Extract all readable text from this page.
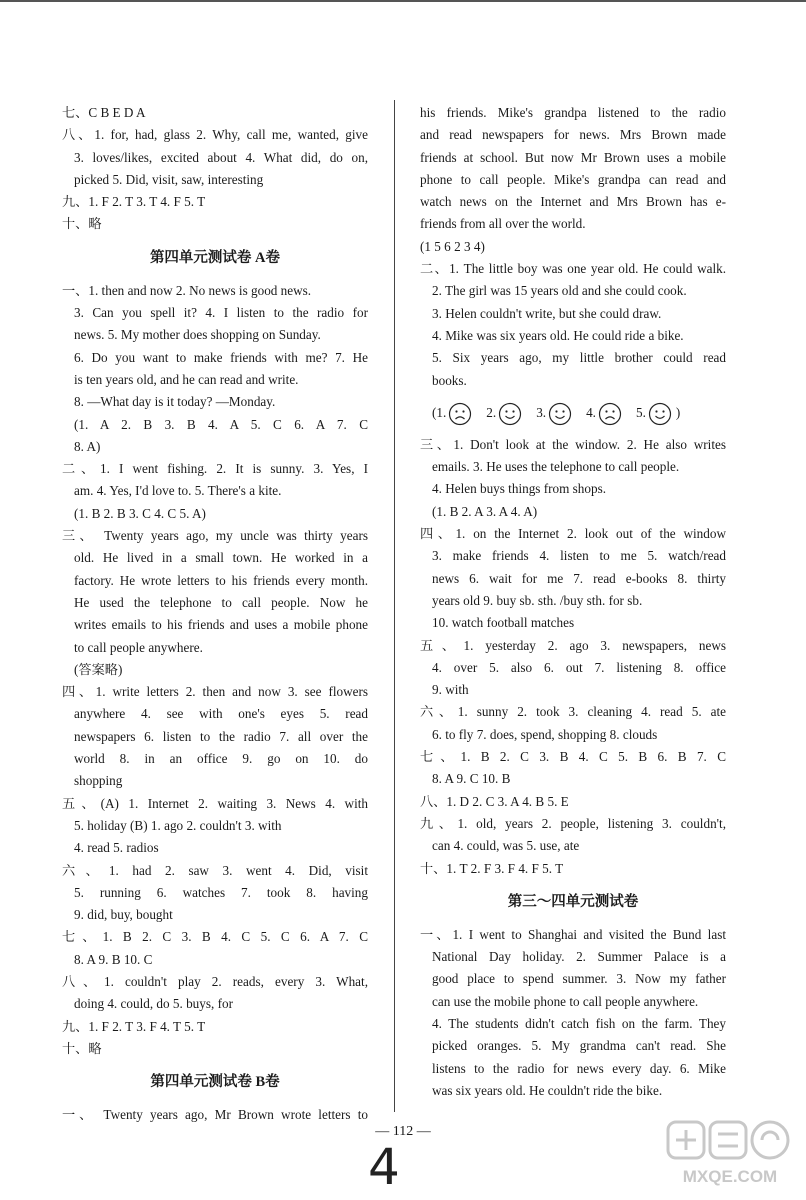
七、C B E D A
八、1. for, had, glass 2. Why, call me, wanted, give
3. loves/likes, excited about 4. What did, do on,
picked 5. Did, visit, saw, interesting
九、1. F 2. T 3. T 4. F 5. T
十、略
第四单元测试卷 A卷
一、1. then and now 2. No news is good news.
3. Can you spell it? 4. I listen to the radio for
news. 5. My mother does shopping on Sunday.
6. Do you want to make friends with me? 7. He
is ten years old, and he can read and write.
8. —What day is it today? —Monday.
(1. A 2. B 3. B 4. A 5. C 6. A 7. C
8. A)
二、1. I went fishing. 2. It is sunny. 3. Yes, I
am. 4. Yes, I'd love to. 5. There's a kite.
(1. B 2. B 3. C 4. C 5. A)
三、 Twenty years ago, my uncle was thirty years
old. He lived in a small town. He worked in a
factory. He wrote letters to his friends every month.
He used the telephone to call people. Now he
writes emails to his friends and uses a mobile phone
to call people anywhere.
(答案略)
四、1. write letters 2. then and now 3. see flowers
anywhere 4. see with one's eyes 5. read
newspapers 6. listen to the radio 7. all over the
world 8. in an office 9. go on 10. do
shopping
五、(A) 1. Internet 2. waiting 3. News 4. with
5. holiday (B) 1. ago 2. couldn't 3. with
4. read 5. radios
六、1. had 2. saw 3. went 4. Did, visit
5. running 6. watches 7. took 8. having
9. did, buy, bought
七、1. B 2. C 3. B 4. C 5. C 6. A 7. C
8. A 9. B 10. C
八、1. couldn't play 2. reads, every 3. What,
doing 4. could, do 5. buys, for
九、1. F 2. T 3. F 4. T 5. T
十、略
第四单元测试卷 B卷
一、 Twenty years ago, Mr Brown wrote letters to
his friends. Mike's grandpa listened to the radio
and read newspapers for news. Mrs Brown made
friends at school. But now Mr Brown uses a mobile
phone to call people. Mike's grandpa can read and
watch news on the Internet and Mrs Brown has e-
friends from all over the world.
(1 5 6 2 3 4)
二、1. The little boy was one year old. He could walk.
2. The girl was 15 years old and she could cook.
3. Helen couldn't write, but she could draw.
4. Mike was six years old. He could ride a bike.
5. Six years ago, my little brother could read
books.
(1.	2.	3.	4.	5. )
三、1. Don't look at the window. 2. He also writes
emails. 3. He uses the telephone to call people.
4. Helen buys things from shops.
(1. B 2. A 3. A 4. A)
四、1. on the Internet 2. look out of the window
3. make friends 4. listen to me 5. watch/read
news 6. wait for me 7. read e-books 8. thirty
years old 9. buy sb. sth. /buy sth. for sb.
10. watch football matches
五、1. yesterday 2. ago 3. newspapers, news
4. over 5. also 6. out 7. listening 8. office
9. with
六、1. sunny 2. took 3. cleaning 4. read 5. ate
6. to fly 7. does, spend, shopping 8. clouds
七、1. B 2. C 3. B 4. C 5. B 6. B 7. C
8. A 9. C 10. B
八、1. D 2. C 3. A 4. B 5. E
九、1. old, years 2. people, listening 3. couldn't,
can 4. could, was 5. use, ate
十、1. T 2. F 3. F 4. F 5. T
第三～四单元测试卷
一、1. I went to Shanghai and visited the Bund last
National Day holiday. 2. Summer Palace is a
good place to spend summer. 3. Now my father
can use the mobile phone to call people anywhere.
4. The students didn't catch fish on the farm. They
picked oranges. 5. My grandma can't read. She
listens to the radio for news every day. 6. Mike
was six years old. He couldn't ride the bike.
— 112 —
4	MXQE.COM
